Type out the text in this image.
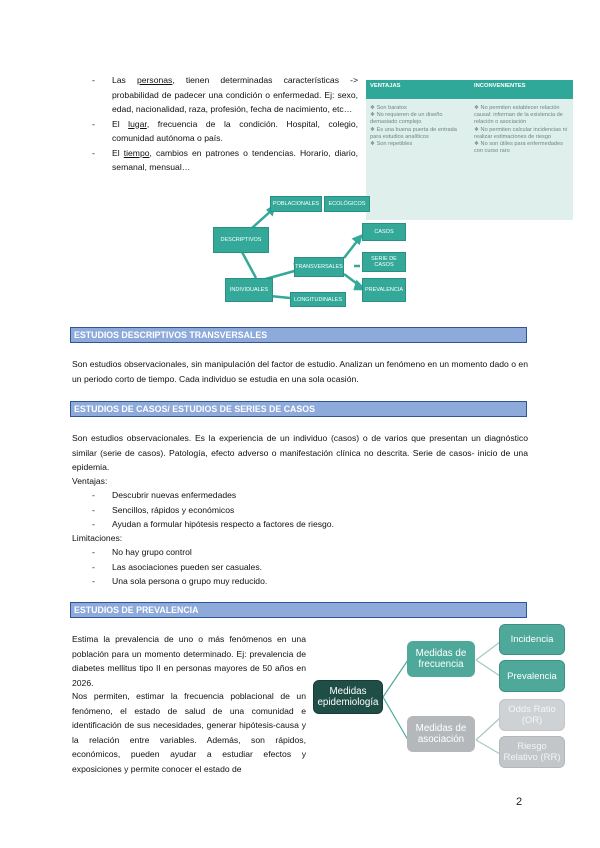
- Las personas, tienen determinadas características -> probabilidad de padecer una condición o enfermedad. Ej: sexo, edad, nacionalidad, raza, profesión, fecha de nacimiento, etc…
- El lugar, frecuencia de la condición. Hospital, colegio, comunidad autónoma o país.
- El tiempo, cambios en patrones o tendencias. Horario, diario, semanal, mensual…
VENTAJAS	INCONVENIENTES
❖ Son baratos
❖ No requieren de un diseño demasiado complejo
❖ Es una buena puerta de entrada para estudios analíticos
❖ Son repetibles
❖ No permiten establecer relación causal: informan de la existencia de relación o asociación
❖ No permiten calcular incidencias ni realizar estimaciones de riesgo
❖ No son útiles para enfermedades con curso raro
DESCRIPTIVOS
POBLACIONALES	ECOLÓGICOS
INDIVIDUALES
CASOS
TRANSVERSALES
SERIE DE CASOS
PREVALENCIA
LONGITUDINALES
ESTUDIOS DESCRIPTIVOS TRANSVERSALES
Son estudios observacionales, sin manipulación del factor de estudio. Analizan un fenómeno en un momento dado o en un periodo corto de tiempo. Cada individuo se estudia en una sola ocasión.
ESTUDIOS DE CASOS/ ESTUDIOS DE SERIES DE CASOS
Son estudios observacionales. Es la experiencia de un individuo (casos) o de varios que presentan un diagnóstico similar (serie de casos). Patología, efecto adverso o manifestación clínica no descrita. Serie de casos- inicio de una epidemia.
Ventajas:
- Descubrir nuevas enfermedades
- Sencillos, rápidos y económicos
- Ayudan a formular hipótesis respecto a factores de riesgo.
Limitaciones:
- No hay grupo control
- Las asociaciones pueden ser casuales.
- Una sola persona o grupo muy reducido.
ESTUDIOS DE PREVALENCIA
Estima la prevalencia de uno o más fenómenos en una población para un momento determinado. Ej: prevalencia de diabetes mellitus tipo II en personas mayores de 50 años en 2026.
Nos permiten, estimar la frecuencia poblacional de un fenómeno, el estado de salud de una comunidad e identificación de sus necesidades, generar hipótesis-causa y la relación entre variables. Además, son rápidos, económicos, pueden ayudar a estudiar efectos y exposiciones y permite conocer el estado de
Medidas epidemiología
Medidas de frecuencia
Medidas de asociación
Incidencia
Prevalencia
Odds Ratio (OR)
Riesgo Relativo (RR)
2
